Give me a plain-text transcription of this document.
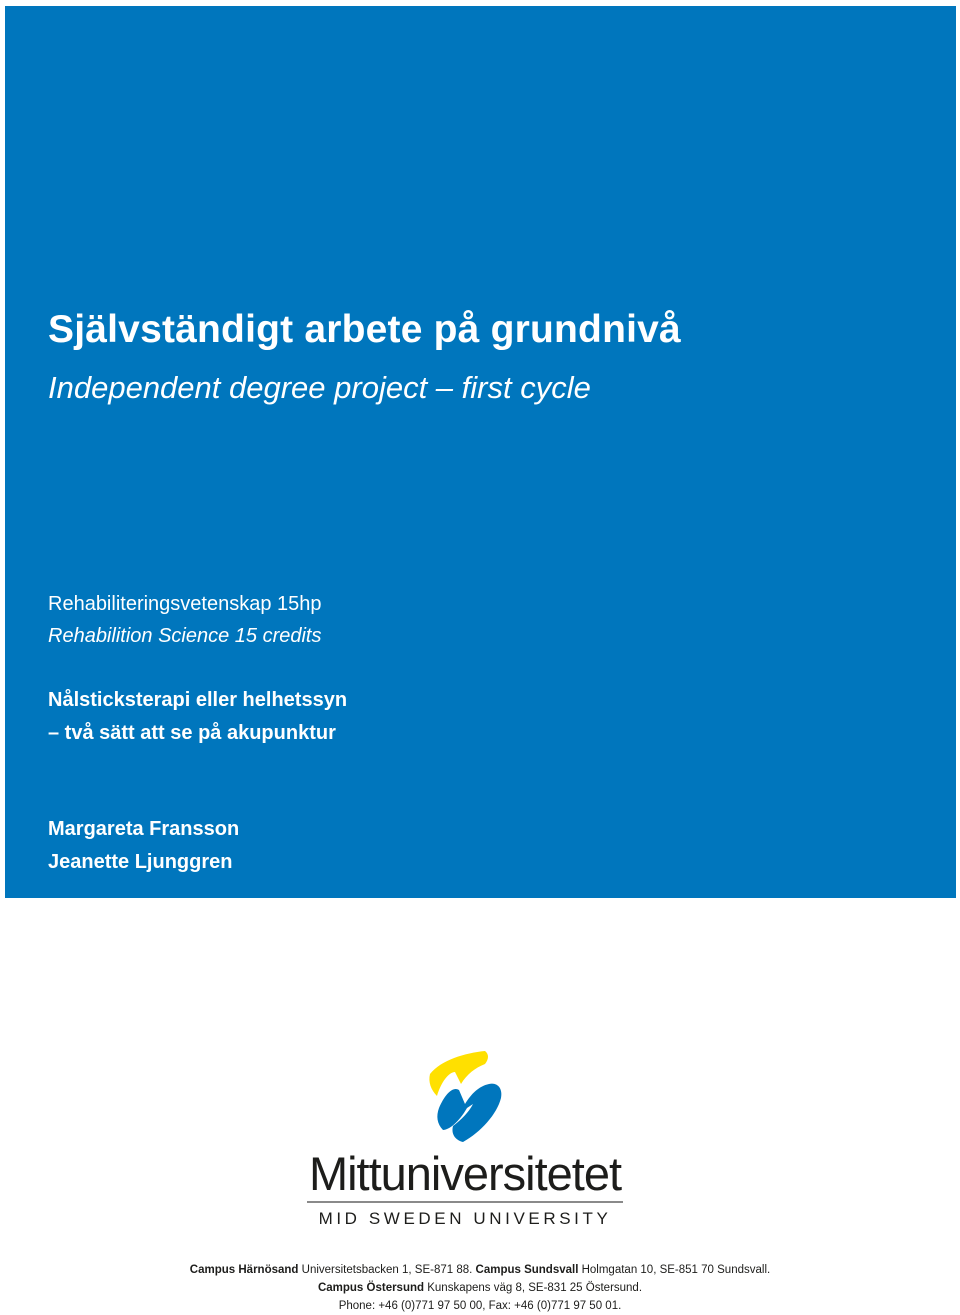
Självständigt arbete på grundnivå
Independent degree project – first cycle
Rehabiliteringsvetenskap 15hp
Rehabilition Science 15 credits
Nålsticksterapi eller helhetssyn
– två sätt att se på akupunktur
Margareta Fransson
Jeanette Ljunggren
Mittuniversitetet
MID SWEDEN UNIVERSITY
Campus Härnösand Universitetsbacken 1, SE-871 88. Campus Sundsvall Holmgatan 10, SE-851 70 Sundsvall.
Campus Östersund Kunskapens väg 8, SE-831 25 Östersund.
Phone: +46 (0)771 97 50 00, Fax: +46 (0)771 97 50 01.
